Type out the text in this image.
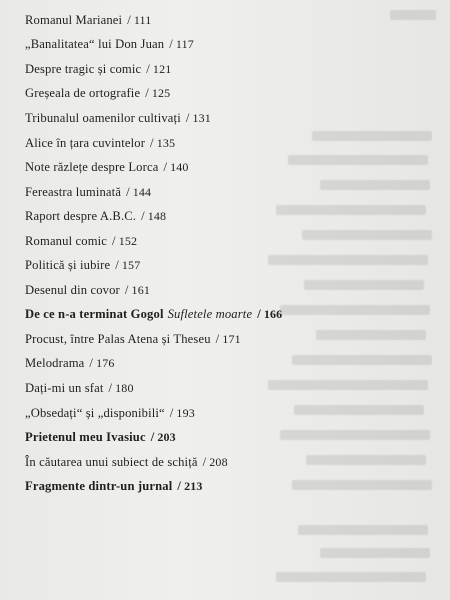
Romanul Marianei / 111
„Banalitatea“ lui Don Juan / 117
Despre tragic și comic / 121
Greșeala de ortografie / 125
Tribunalul oamenilor cultivați / 131
Alice în țara cuvintelor / 135
Note răzlețe despre Lorca / 140
Fereastra luminată / 144
Raport despre A.B.C. / 148
Romanul comic / 152
Politică și iubire / 157
Desenul din covor / 161
De ce n-a terminat Gogol Sufletele moarte / 166
Procust, între Palas Atena și Theseu / 171
Melodrama / 176
Dați-mi un sfat / 180
„Obsedați“ și „disponibili“ / 193
Prietenul meu Ivasiuc / 203
În căutarea unui subiect de schiță / 208
Fragmente dintr-un jurnal / 213
